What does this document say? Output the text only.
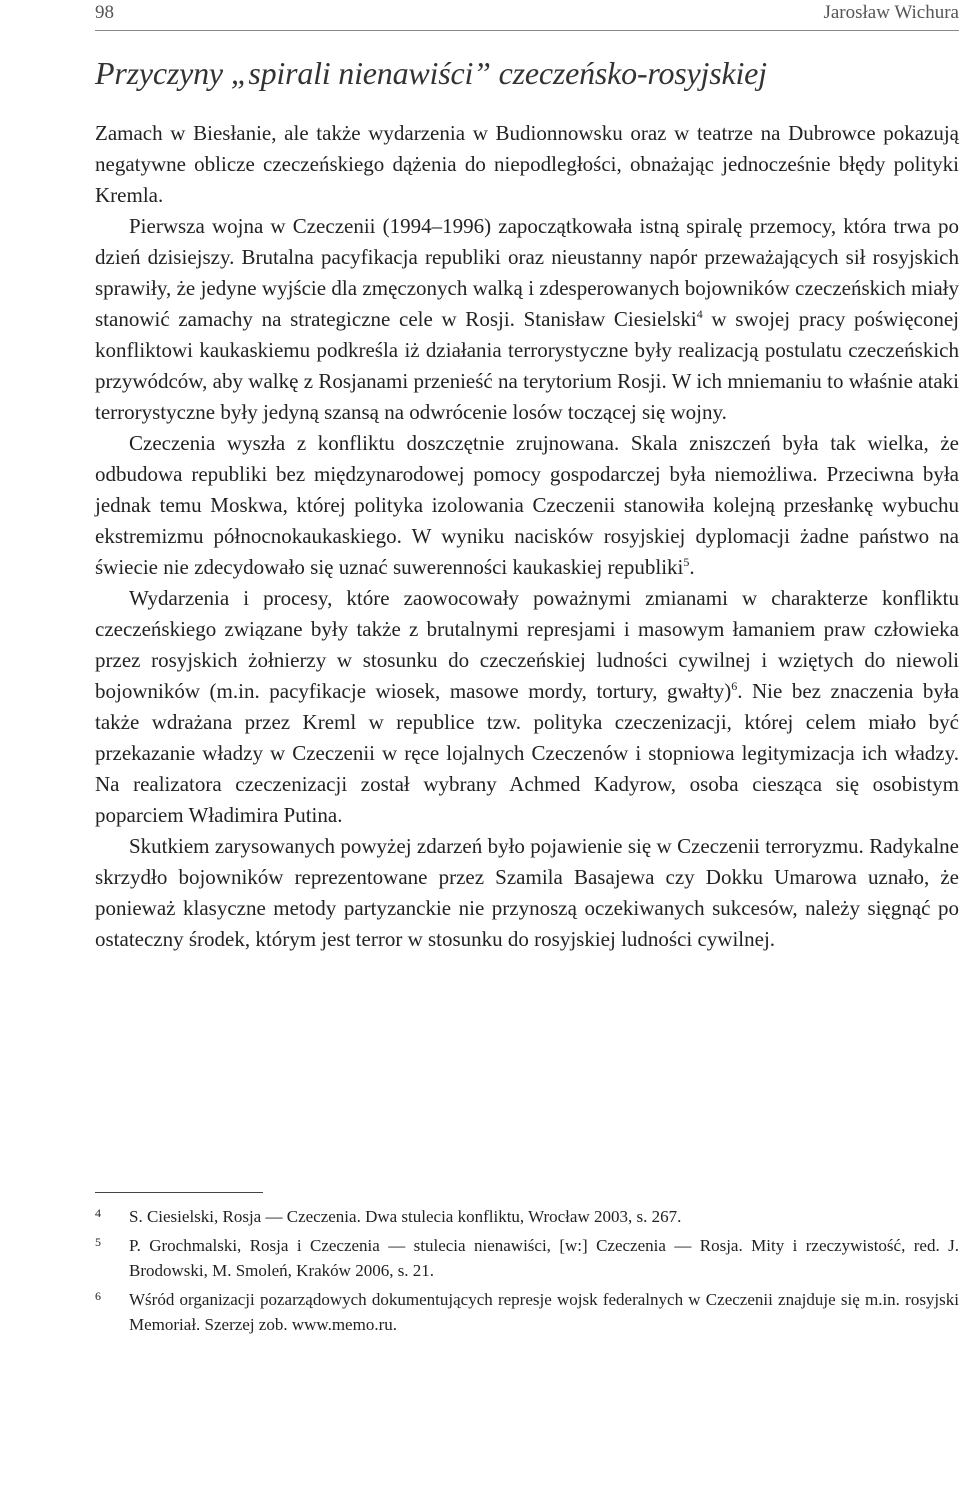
98	Jarosław Wichura
Przyczyny „spirali nienawiści” czeczeńsko-rosyjskiej

Zamach w Biesłanie, ale także wydarzenia w Budionnowsku oraz w teatrze na Dubrowce pokazują negatywne oblicze czeczeńskiego dążenia do niepodległości, obnażając jednocześnie błędy polityki Kremla.

Pierwsza wojna w Czeczenii (1994–1996) zapoczątkowała istną spiralę przemocy, która trwa po dzień dzisiejszy. Brutalna pacyfikacja republiki oraz nieustanny napór przeważających sił rosyjskich sprawiły, że jedyne wyjście dla zmęczonych walką i zdesperowanych bojowników czeczeńskich miały stanowić zamachy na strategiczne cele w Rosji. Stanisław Ciesielski$^4$ w swojej pracy poświęconej konfliktowi kaukaskiemu podkreśla iż działania terrorystyczne były realizacją postulatu czeczeńskich przywódców, aby walkę z Rosjanami przenieść na terytorium Rosji. W ich mniemaniu to właśnie ataki terrorystyczne były jedyną szansą na odwrócenie losów toczącej się wojny.

Czeczenia wyszła z konfliktu doszczętnie zrujnowana. Skala zniszczeń była tak wielka, że odbudowa republiki bez międzynarodowej pomocy gospodarczej była niemożliwa. Przeciwna była jednak temu Moskwa, której polityka izolowania Czeczenii stanowiła kolejną przesłankę wybuchu ekstremizmu północnokaukaskiego. W wyniku nacisków rosyjskiej dyplomacji żadne państwo na świecie nie zdecydowało się uznać suwerenności kaukaskiej republiki$^5$.

Wydarzenia i procesy, które zaowocowały poważnymi zmianami w charakterze konfliktu czeczeńskiego związane były także z brutalnymi represjami i masowym łamaniem praw człowieka przez rosyjskich żołnierzy w stosunku do czeczeńskiej ludności cywilnej i wziętych do niewoli bojowników (m.in. pacyfikacje wiosek, masowe mordy, tortury, gwałty)$^6$. Nie bez znaczenia była także wdrażana przez Kreml w republice tzw. polityka czeczenizacji, której celem miało być przekazanie władzy w Czeczenii w ręce lojalnych Czeczenów i stopniowa legitymizacja ich władzy. Na realizatora czeczenizacji został wybrany Achmed Kadyrow, osoba ciesząca się osobistym poparciem Władimira Putina.

Skutkiem zarysowanych powyżej zdarzeń było pojawienie się w Czeczenii terroryzmu. Radykalne skrzydło bojowników reprezentowane przez Szamila Basajewa czy Dokku Umarowa uznało, że ponieważ klasyczne metody partyzanckie nie przynoszą oczekiwanych sukcesów, należy sięgnąć po ostateczny środek, którym jest terror w stosunku do rosyjskiej ludności cywilnej.

4 S. Ciesielski, Rosja — Czeczenia. Dwa stulecia konfliktu, Wrocław 2003, s. 267.
5 P. Grochmalski, Rosja i Czeczenia — stulecia nienawiści, [w:] Czeczenia — Rosja. Mity i rzeczywistość, red. J. Brodowski, M. Smoleń, Kraków 2006, s. 21.
6 Wśród organizacji pozarządowych dokumentujących represje wojsk federalnych w Czeczenii znajduje się m.in. rosyjski Memoriał. Szerzej zob. www.memo.ru.
